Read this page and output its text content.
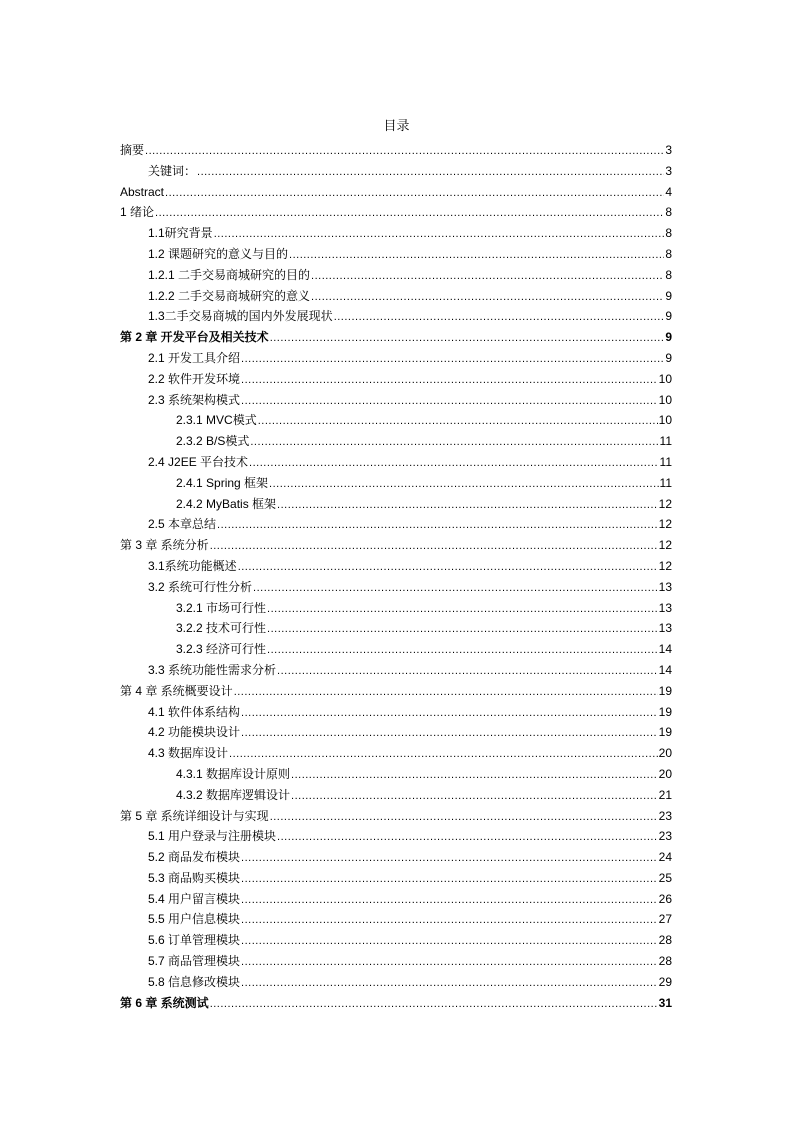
目录
摘要 .....	3
关键词： .....	3
Abstract .....	4
1 绪论 .....	8
1.1研究背景 .....	8
1.2 课题研究的意义与目的 .....	8
1.2.1 二手交易商城研究的目的 .....	8
1.2.2 二手交易商城研究的意义 .....	9
1.3二手交易商城的国内外发展现状 .....	9
第 2 章 开发平台及相关技术 .....	9
2.1 开发工具介绍 .....	9
2.2 软件开发环境 .....	10
2.3 系统架构模式 .....	10
2.3.1 MVC模式 .....	10
2.3.2 B/S模式 .....	11
2.4 J2EE 平台技术 .....	11
2.4.1 Spring 框架 .....	11
2.4.2 MyBatis 框架 .....	12
2.5 本章总结 .....	12
第 3 章 系统分析 .....	12
3.1系统功能概述 .....	12
3.2 系统可行性分析 .....	13
3.2.1 市场可行性 .....	13
3.2.2 技术可行性 .....	13
3.2.3 经济可行性 .....	14
3.3 系统功能性需求分析 .....	14
第 4 章 系统概要设计 .....	19
4.1 软件体系结构 .....	19
4.2 功能模块设计 .....	19
4.3 数据库设计 .....	20
4.3.1 数据库设计原则 .....	20
4.3.2 数据库逻辑设计 .....	21
第 5 章 系统详细设计与实现 .....	23
5.1 用户登录与注册模块 .....	23
5.2 商品发布模块 .....	24
5.3 商品购买模块 .....	25
5.4 用户留言模块 .....	26
5.5 用户信息模块 .....	27
5.6 订单管理模块 .....	28
5.7 商品管理模块 .....	28
5.8 信息修改模块 .....	29
第 6 章 系统测试 .....	31
